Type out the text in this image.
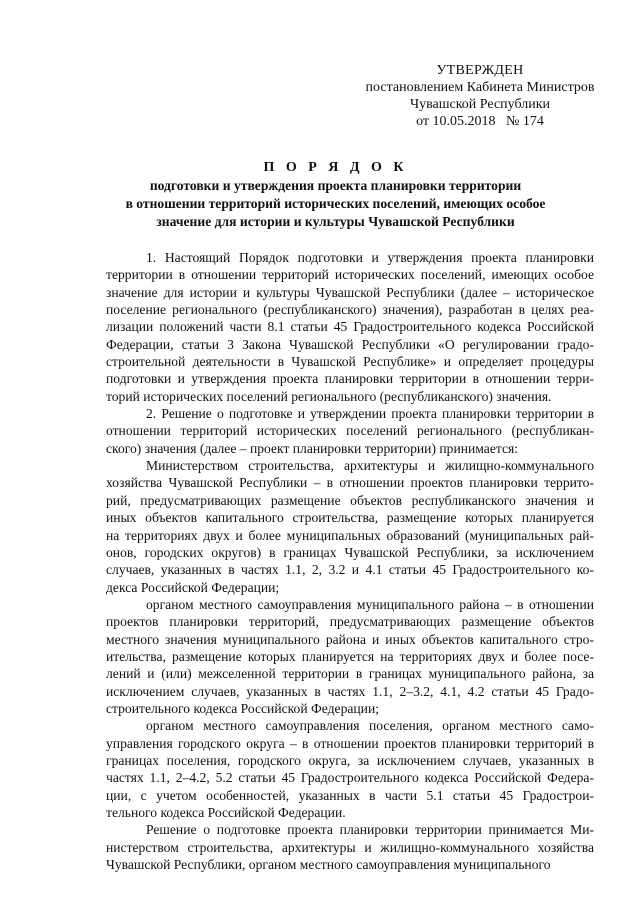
УТВЕРЖДЕН
постановлением Кабинета Министров
Чувашской Республики
от 10.05.2018   № 174
П О Р Я Д О К
подготовки и утверждения проекта планировки территории
в отношении территорий исторических поселений, имеющих особое
значение для истории и культуры Чувашской Республики

1. Настоящий Порядок подготовки и утверждения проекта планировки
территории в отношении территорий исторических поселений, имеющих особое
значение для истории и культуры Чувашской Республики (далее – историческое
поселение регионального (республиканского) значения), разработан в целях реа-
лизации положений части 8.1 статьи 45 Градостроительного кодекса Российской
Федерации, статьи 3 Закона Чувашской Республики «О регулировании градо-
строительной деятельности в Чувашской Республике» и определяет процедуры
подготовки и утверждения проекта планировки территории в отношении терри-
торий исторических поселений регионального (республиканского) значения.

2. Решение о подготовке и утверждении проекта планировки территории в
отношении территорий исторических поселений регионального (республикан-
ского) значения (далее – проект планировки территории) принимается:

Министерством строительства, архитектуры и жилищно-коммунального
хозяйства Чувашской Республики – в отношении проектов планировки террито-
рий, предусматривающих размещение объектов республиканского значения и
иных объектов капитального строительства, размещение которых планируется
на территориях двух и более муниципальных образований (муниципальных рай-
онов, городских округов) в границах Чувашской Республики, за исключением
случаев, указанных в частях 1.1, 2, 3.2 и 4.1 статьи 45 Градостроительного ко-
декса Российской Федерации;

органом местного самоуправления муниципального района – в отношении
проектов планировки территорий, предусматривающих размещение объектов
местного значения муниципального района и иных объектов капитального стро-
ительства, размещение которых планируется на территориях двух и более посе-
лений и (или) межселенной территории в границах муниципального района, за
исключением случаев, указанных в частях 1.1, 2–3.2, 4.1, 4.2 статьи 45 Градо-
строительного кодекса Российской Федерации;

органом местного самоуправления поселения, органом местного само-
управления городского округа – в отношении проектов планировки территорий в
границах поселения, городского округа, за исключением случаев, указанных в
частях 1.1, 2–4.2, 5.2 статьи 45 Градостроительного кодекса Российской Федера-
ции, с учетом особенностей, указанных в части 5.1 статьи 45 Градострои-
тельного кодекса Российской Федерации.

Решение о подготовке проекта планировки территории принимается Ми-
нистерством строительства, архитектуры и жилищно-коммунального хозяйства
Чувашской Республики, органом местного самоуправления муниципального
